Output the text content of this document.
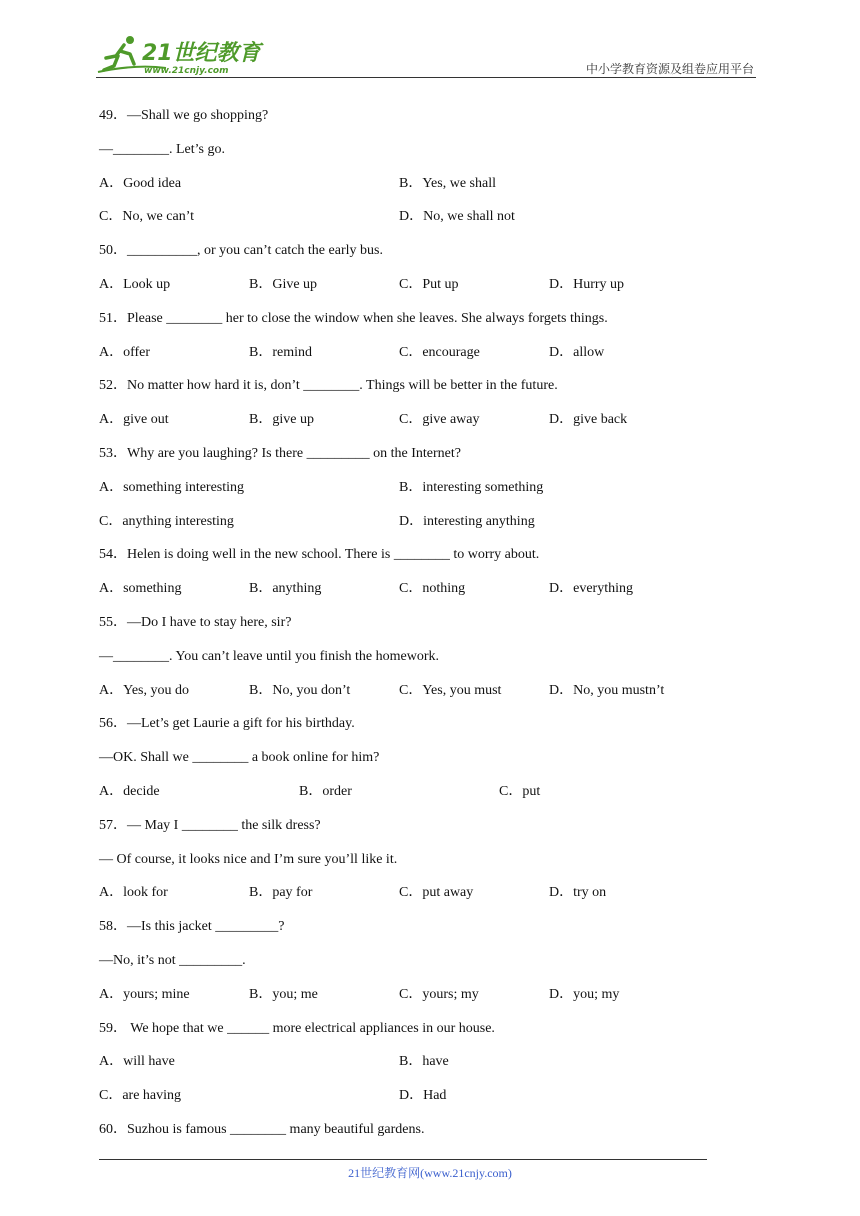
21世纪教育
www.21cnjy.com	中小学教育资源及组卷应用平台
49．—Shall we go shopping?
—________. Let’s go.
A．Good idea	B．Yes, we shall
C．No, we can’t	D．No, we shall not
50．__________, or you can’t catch the early bus.
A．Look up	B．Give up	C．Put up	D．Hurry up
51．Please ________ her to close the window when she leaves. She always forgets things.
A．offer	B．remind	C．encourage	D．allow
52．No matter how hard it is, don’t ________. Things will be better in the future.
A．give out	B．give up	C．give away	D．give back
53．Why are you laughing? Is there _________ on the Internet?
A．something interesting	B．interesting something
C．anything interesting	D．interesting anything
54．Helen is doing well in the new school. There is ________ to worry about.
A．something	B．anything	C．nothing	D．everything
55．—Do I have to stay here, sir?
—________. You can’t leave until you finish the homework.
A．Yes, you do	B．No, you don’t	C．Yes, you must	D．No, you mustn’t
56．—Let’s get Laurie a gift for his birthday.
—OK. Shall we ________ a book online for him?
A．decide	B．order	C．put
57．— May I ________ the silk dress?
— Of course, it looks nice and I’m sure you’ll like it.
A．look for	B．pay for	C．put away	D．try on
58．—Is this jacket _________?
—No, it’s not _________.
A．yours; mine	B．you; me	C．yours; my	D．you; my
59． We hope that we ______ more electrical appliances in our house.
A．will have	B．have
C．are having	D．Had
60．Suzhou is famous ________ many beautiful gardens.
21世纪教育网(www.21cnjy.com)
